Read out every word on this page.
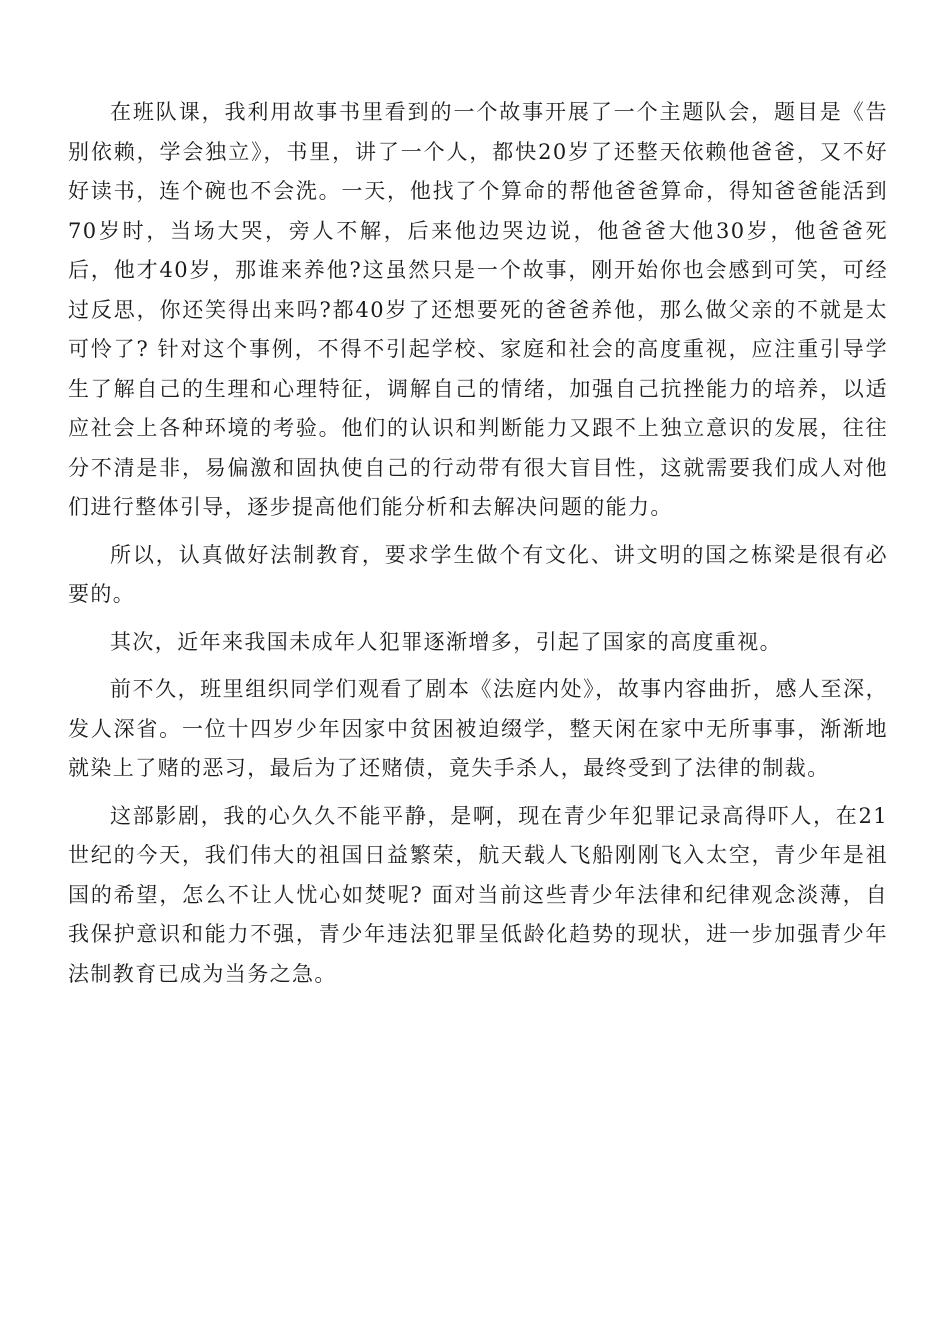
在班队课，我利用故事书里看到的一个故事开展了一个主题队会，题目是《告别依赖，学会独立》，书里，讲了一个人，都快20岁了还整天依赖他爸爸，又不好好读书，连个碗也不会洗。一天，他找了个算命的帮他爸爸算命，得知爸爸能活到70岁时，当场大哭，旁人不解，后来他边哭边说，他爸爸大他30岁，他爸爸死后，他才40岁，那谁来养他?这虽然只是一个故事，刚开始你也会感到可笑，可经过反思，你还笑得出来吗?都40岁了还想要死的爸爸养他，那么做父亲的不就是太可怜了? 针对这个事例，不得不引起学校、家庭和社会的高度重视，应注重引导学生了解自己的生理和心理特征，调解自己的情绪，加强自己抗挫能力的培养，以适应社会上各种环境的考验。他们的认识和判断能力又跟不上独立意识的发展，往往分不清是非，易偏激和固执使自己的行动带有很大盲目性，这就需要我们成人对他们进行整体引导，逐步提高他们能分析和去解决问题的能力。

所以，认真做好法制教育，要求学生做个有文化、讲文明的国之栋梁是很有必要的。

其次，近年来我国未成年人犯罪逐渐增多，引起了国家的高度重视。

前不久，班里组织同学们观看了剧本《法庭内处》，故事内容曲折，感人至深，发人深省。一位十四岁少年因家中贫困被迫缀学，整天闲在家中无所事事，渐渐地就染上了赌的恶习，最后为了还赌债，竟失手杀人，最终受到了法律的制裁。

这部影剧，我的心久久不能平静，是啊，现在青少年犯罪记录高得吓人，在21世纪的今天，我们伟大的祖国日益繁荣，航天载人飞船刚刚飞入太空，青少年是祖国的希望，怎么不让人忧心如焚呢? 面对当前这些青少年法律和纪律观念淡薄，自我保护意识和能力不强，青少年违法犯罪呈低龄化趋势的现状，进一步加强青少年法制教育已成为当务之急。
